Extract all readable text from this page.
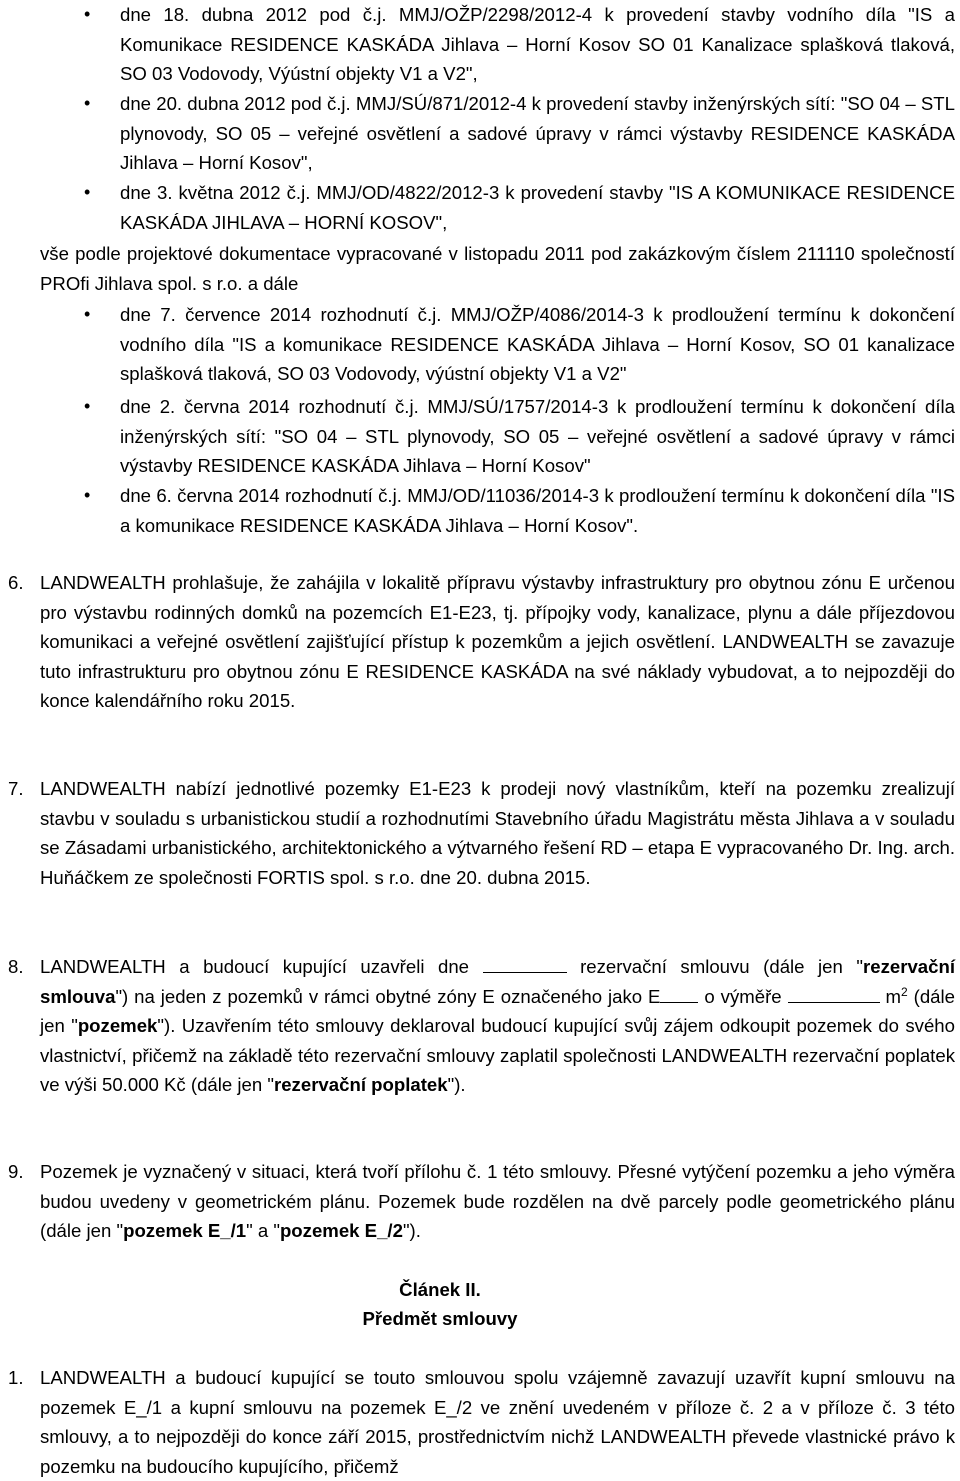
• dne 18. dubna 2012 pod č.j. MMJ/OŽP/2298/2012-4 k provedení stavby vodního díla "IS a Komunikace RESIDENCE KASKÁDA Jihlava – Horní Kosov SO 01 Kanalizace splašková tlaková, SO 03 Vodovody, Výústní objekty V1 a V2",
• dne 20. dubna 2012 pod č.j. MMJ/SÚ/871/2012-4 k provedení stavby inženýrských sítí: "SO 04 – STL plynovody, SO 05 – veřejné osvětlení a sadové úpravy v rámci výstavby RESIDENCE KASKÁDA Jihlava – Horní Kosov",
• dne 3. května 2012 č.j. MMJ/OD/4822/2012-3 k provedení stavby "IS A KOMUNIKACE RESIDENCE KASKÁDA JIHLAVA – HORNÍ KOSOV",
vše podle projektové dokumentace vypracované v listopadu 2011 pod zakázkovým číslem 211110 společností PROfi Jihlava spol. s r.o. a dále
• dne 7. července 2014 rozhodnutí č.j. MMJ/OŽP/4086/2014-3 k prodloužení termínu k dokončení vodního díla "IS a komunikace RESIDENCE KASKÁDA Jihlava – Horní Kosov, SO 01 kanalizace splašková tlaková, SO 03 Vodovody, výústní objekty V1 a V2"
• dne 2. června 2014 rozhodnutí č.j. MMJ/SÚ/1757/2014-3 k prodloužení termínu k dokončení díla inženýrských sítí: "SO 04 – STL plynovody, SO 05 – veřejné osvětlení a sadové úpravy v rámci výstavby RESIDENCE KASKÁDA Jihlava – Horní Kosov"
• dne 6. června 2014 rozhodnutí č.j. MMJ/OD/11036/2014-3 k prodloužení termínu k dokončení díla "IS a komunikace RESIDENCE KASKÁDA Jihlava – Horní Kosov".
6. LANDWEALTH prohlašuje, že zahájila v lokalitě přípravu výstavby infrastruktury pro obytnou zónu E určenou pro výstavbu rodinných domků na pozemcích E1-E23, tj. přípojky vody, kanalizace, plynu a dále příjezdovou komunikaci a veřejné osvětlení zajišťující přístup k pozemkům a jejich osvětlení. LANDWEALTH se zavazuje tuto infrastrukturu pro obytnou zónu E RESIDENCE KASKÁDA na své náklady vybudovat, a to nejpozději do konce kalendářního roku 2015.
7. LANDWEALTH nabízí jednotlivé pozemky E1-E23 k prodeji nový vlastníkům, kteří na pozemku zrealizují stavbu v souladu s urbanistickou studií a rozhodnutími Stavebního úřadu Magistrátu města Jihlava a v souladu se Zásadami urbanistického, architektonického a výtvarného řešení RD – etapa E vypracovaného Dr. Ing. arch. Huňáčkem ze společnosti FORTIS spol. s r.o. dne 20. dubna 2015.
8. LANDWEALTH a budoucí kupující uzavřeli dne	rezervační smlouvu (dále jen "rezervační smlouva") na jeden z pozemků v rámci obytné zóny E označeného jako E o výměře	$m^2$ (dále jen "pozemek"). Uzavřením této smlouvy deklaroval budoucí kupující svůj zájem odkoupit pozemek do svého vlastnictví, přičemž na základě této rezervační smlouvy zaplatil společnosti LANDWEALTH rezervační poplatek ve výši 50.000 Kč (dále jen "rezervační poplatek").
9. Pozemek je vyznačený v situaci, která tvoří přílohu č. 1 této smlouvy. Přesné vytýčení pozemku a jeho výměra budou uvedeny v geometrickém plánu. Pozemek bude rozdělen na dvě parcely podle geometrického plánu (dále jen "pozemek E_/1" a "pozemek E_/2").
Článek II.
Předmět smlouvy
1. LANDWEALTH a budoucí kupující se touto smlouvou spolu vzájemně zavazují uzavřít kupní smlouvu na pozemek E_/1 a kupní smlouvu na pozemek E_/2 ve znění uvedeném v příloze č. 2 a v příloze č. 3 této smlouvy, a to nejpozději do konce září 2015, prostřednictvím nichž LANDWEALTH převede vlastnické právo k pozemku na budoucího kupujícího, přičemž
